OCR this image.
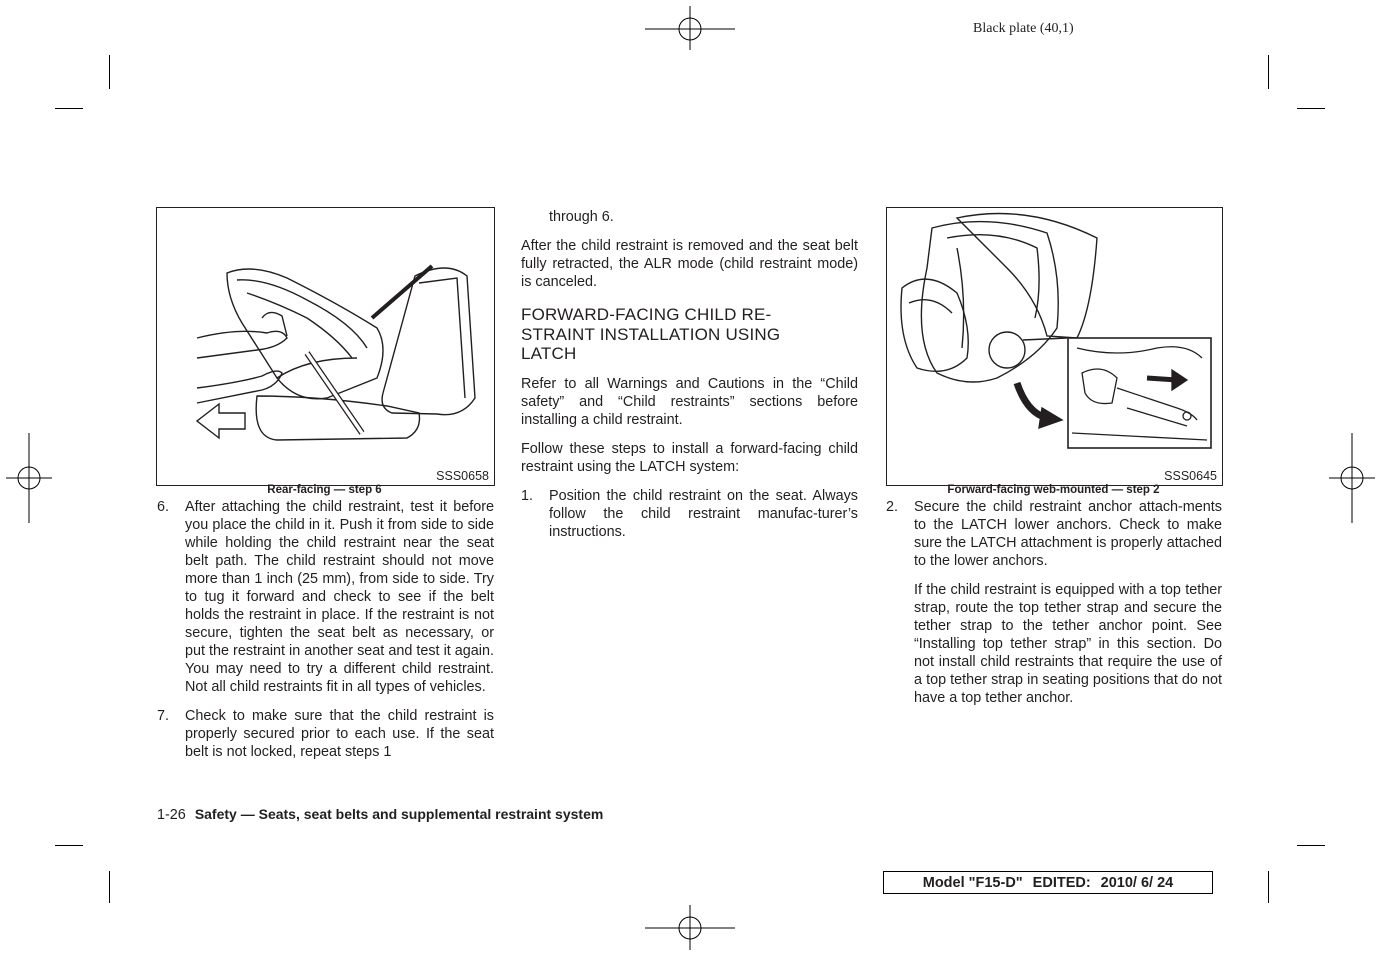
Black plate (40,1)
SSS0658
Rear-facing — step 6
SSS0645
Forward-facing web-mounted — step 2
6. After attaching the child restraint, test it before you place the child in it. Push it from side to side while holding the child restraint near the seat belt path. The child restraint should not move more than 1 inch (25 mm), from side to side. Try to tug it forward and check to see if the belt holds the restraint in place. If the restraint is not secure, tighten the seat belt as necessary, or put the restraint in another seat and test it again. You may need to try a different child restraint. Not all child restraints fit in all types of vehicles.
7. Check to make sure that the child restraint is properly secured prior to each use. If the seat belt is not locked, repeat steps 1

through 6.

After the child restraint is removed and the seat belt fully retracted, the ALR mode (child restraint mode) is canceled.

FORWARD-FACING CHILD RE-STRAINT INSTALLATION USING LATCH

Refer to all Warnings and Cautions in the “Child safety” and “Child restraints” sections before installing a child restraint.

Follow these steps to install a forward-facing child restraint using the LATCH system:

1. Position the child restraint on the seat. Always follow the child restraint manufac-turer’s instructions.
2. Secure the child restraint anchor attach-ments to the LATCH lower anchors. Check to make sure the LATCH attachment is properly attached to the lower anchors.

If the child restraint is equipped with a top tether strap, route the top tether strap and secure the tether strap to the tether anchor point. See “Installing top tether strap” in this section. Do not install child restraints that require the use of a top tether strap in seating positions that do not have a top tether anchor.

1-26 Safety — Seats, seat belts and supplemental restraint system
Model "F15-D" EDITED: 2010/ 6/ 24
